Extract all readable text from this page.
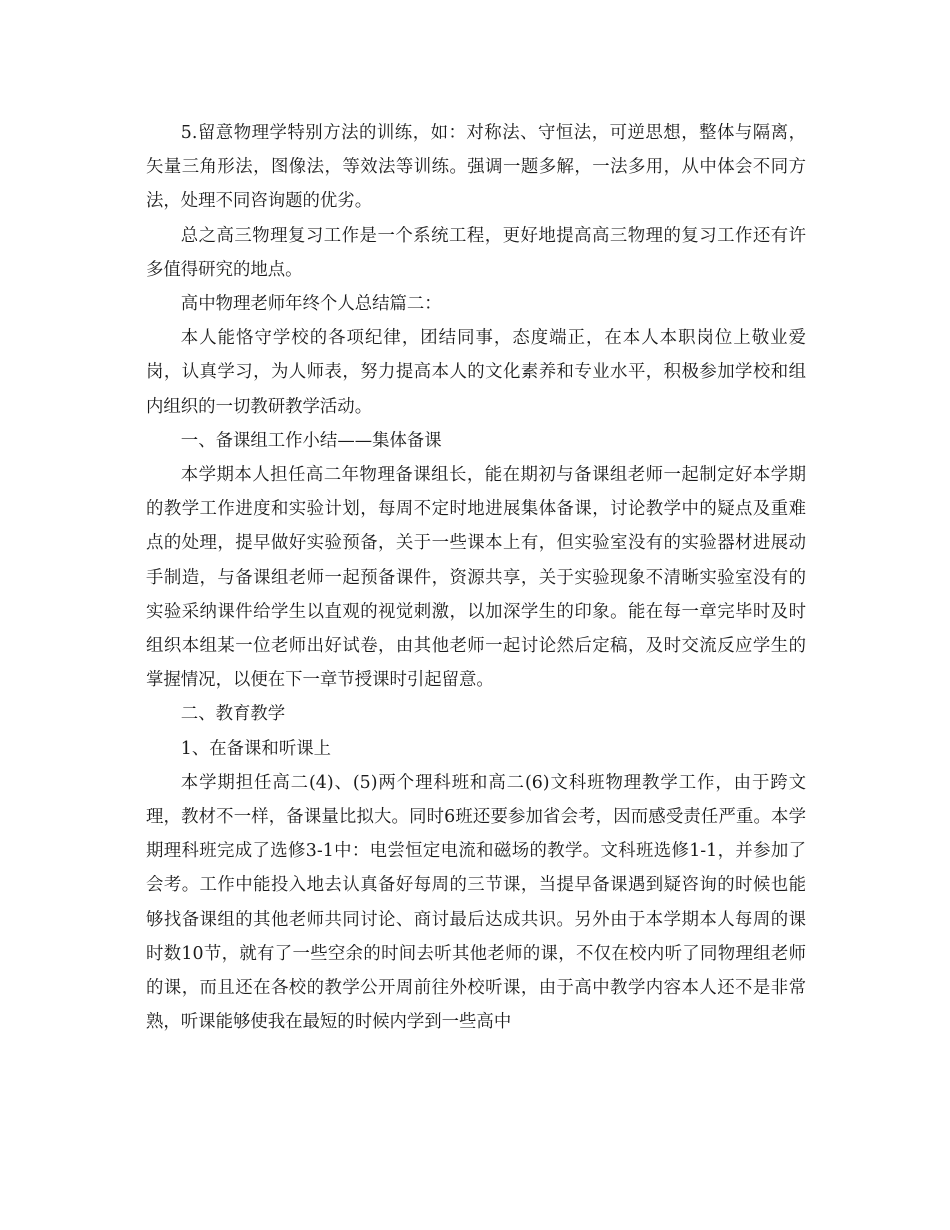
5.留意物理学特别方法的训练，如：对称法、守恒法，可逆思想，整体与隔离，矢量三角形法，图像法，等效法等训练。强调一题多解，一法多用，从中体会不同方法，处理不同咨询题的优劣。

总之高三物理复习工作是一个系统工程，更好地提高高三物理的复习工作还有许多值得研究的地点。

高中物理老师年终个人总结篇二：

本人能恪守学校的各项纪律，团结同事，态度端正，在本人本职岗位上敬业爱岗，认真学习，为人师表，努力提高本人的文化素养和专业水平，积极参加学校和组内组织的一切教研教学活动。

一、备课组工作小结——集体备课

本学期本人担任高二年物理备课组长，能在期初与备课组老师一起制定好本学期的教学工作进度和实验计划，每周不定时地进展集体备课，讨论教学中的疑点及重难点的处理，提早做好实验预备，关于一些课本上有，但实验室没有的实验器材进展动手制造，与备课组老师一起预备课件，资源共享，关于实验现象不清晰实验室没有的实验采纳课件给学生以直观的视觉刺激，以加深学生的印象。能在每一章完毕时及时组织本组某一位老师出好试卷，由其他老师一起讨论然后定稿，及时交流反应学生的掌握情况，以便在下一章节授课时引起留意。

二、教育教学

1、在备课和听课上

本学期担任高二(4)、(5)两个理科班和高二(6)文科班物理教学工作，由于跨文理，教材不一样，备课量比拟大。同时6班还要参加省会考，因而感受责任严重。本学期理科班完成了选修3-1中：电尝恒定电流和磁场的教学。文科班选修1-1，并参加了会考。工作中能投入地去认真备好每周的三节课，当提早备课遇到疑咨询的时候也能够找备课组的其他老师共同讨论、商讨最后达成共识。另外由于本学期本人每周的课时数10节，就有了一些空余的时间去听其他老师的课，不仅在校内听了同物理组老师的课，而且还在各校的教学公开周前往外校听课，由于高中教学内容本人还不是非常熟，听课能够使我在最短的时候内学到一些高中
